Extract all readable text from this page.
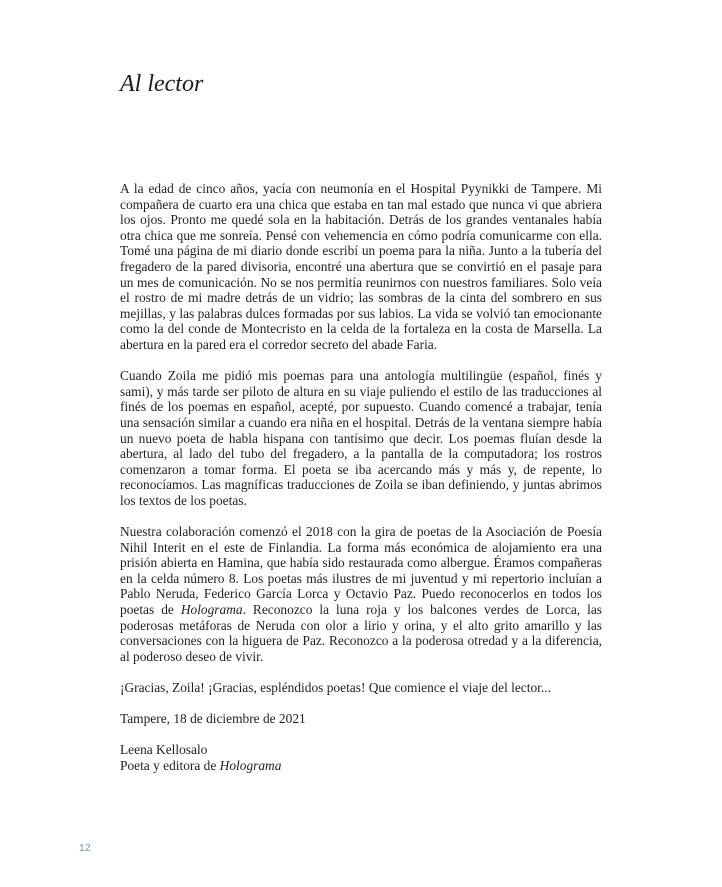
Al lector

A la edad de cinco años, yacía con neumonía en el Hospital Pyynikki de Tampere. Mi compañera de cuarto era una chica que estaba en tan mal estado que nunca vi que abriera los ojos. Pronto me quedé sola en la habitación. Detrás de los grandes ventanales había otra chica que me sonreía. Pensé con vehemencia en cómo podría comunicarme con ella. Tomé una página de mi diario donde escribí un poema para la niña. Junto a la tubería del fregadero de la pared divisoria, encontré una abertura que se convirtió en el pasaje para un mes de comunicación. No se nos permitía reunirnos con nuestros familiares. Solo veía el rostro de mi madre detrás de un vidrio; las sombras de la cinta del sombrero en sus mejillas, y las palabras dulces formadas por sus labios. La vida se volvió tan emocionante como la del conde de Montecristo en la celda de la fortaleza en la costa de Marsella. La abertura en la pared era el corredor secreto del abade Faria.

Cuando Zoila me pidió mis poemas para una antología multilingüe (español, finés y sami), y más tarde ser piloto de altura en su viaje puliendo el estilo de las traducciones al finés de los poemas en español, acepté, por supuesto. Cuando comencé a trabajar, tenía una sensación similar a cuando era niña en el hospital. Detrás de la ventana siempre había un nuevo poeta de habla hispana con tantísimo que decir. Los poemas fluían desde la abertura, al lado del tubo del fregadero, a la pantalla de la computadora; los rostros comenzaron a tomar forma. El poeta se iba acercando más y más y, de repente, lo reconocíamos. Las magníficas traducciones de Zoila se iban definiendo, y juntas abrimos los textos de los poetas.

Nuestra colaboración comenzó el 2018 con la gira de poetas de la Asociación de Poesía Nihil Interit en el este de Finlandia. La forma más económica de alojamiento era una prisión abierta en Hamina, que había sido restaurada como albergue. Éramos compañeras en la celda número 8. Los poetas más ilustres de mi juventud y mi repertorio incluían a Pablo Neruda, Federico García Lorca y Octavio Paz. Puedo reconocerlos en todos los poetas de Holograma. Reconozco la luna roja y los balcones verdes de Lorca, las poderosas metáforas de Neruda con olor a lirio y orina, y el alto grito amarillo y las conversaciones con la higuera de Paz. Reconozco a la poderosa otredad y a la diferencia, al poderoso deseo de vivir.

¡Gracias, Zoila! ¡Gracias, espléndidos poetas! Que comience el viaje del lector...

Tampere, 18 de diciembre de 2021

Leena Kellosalo

Poeta y editora de Holograma

12
